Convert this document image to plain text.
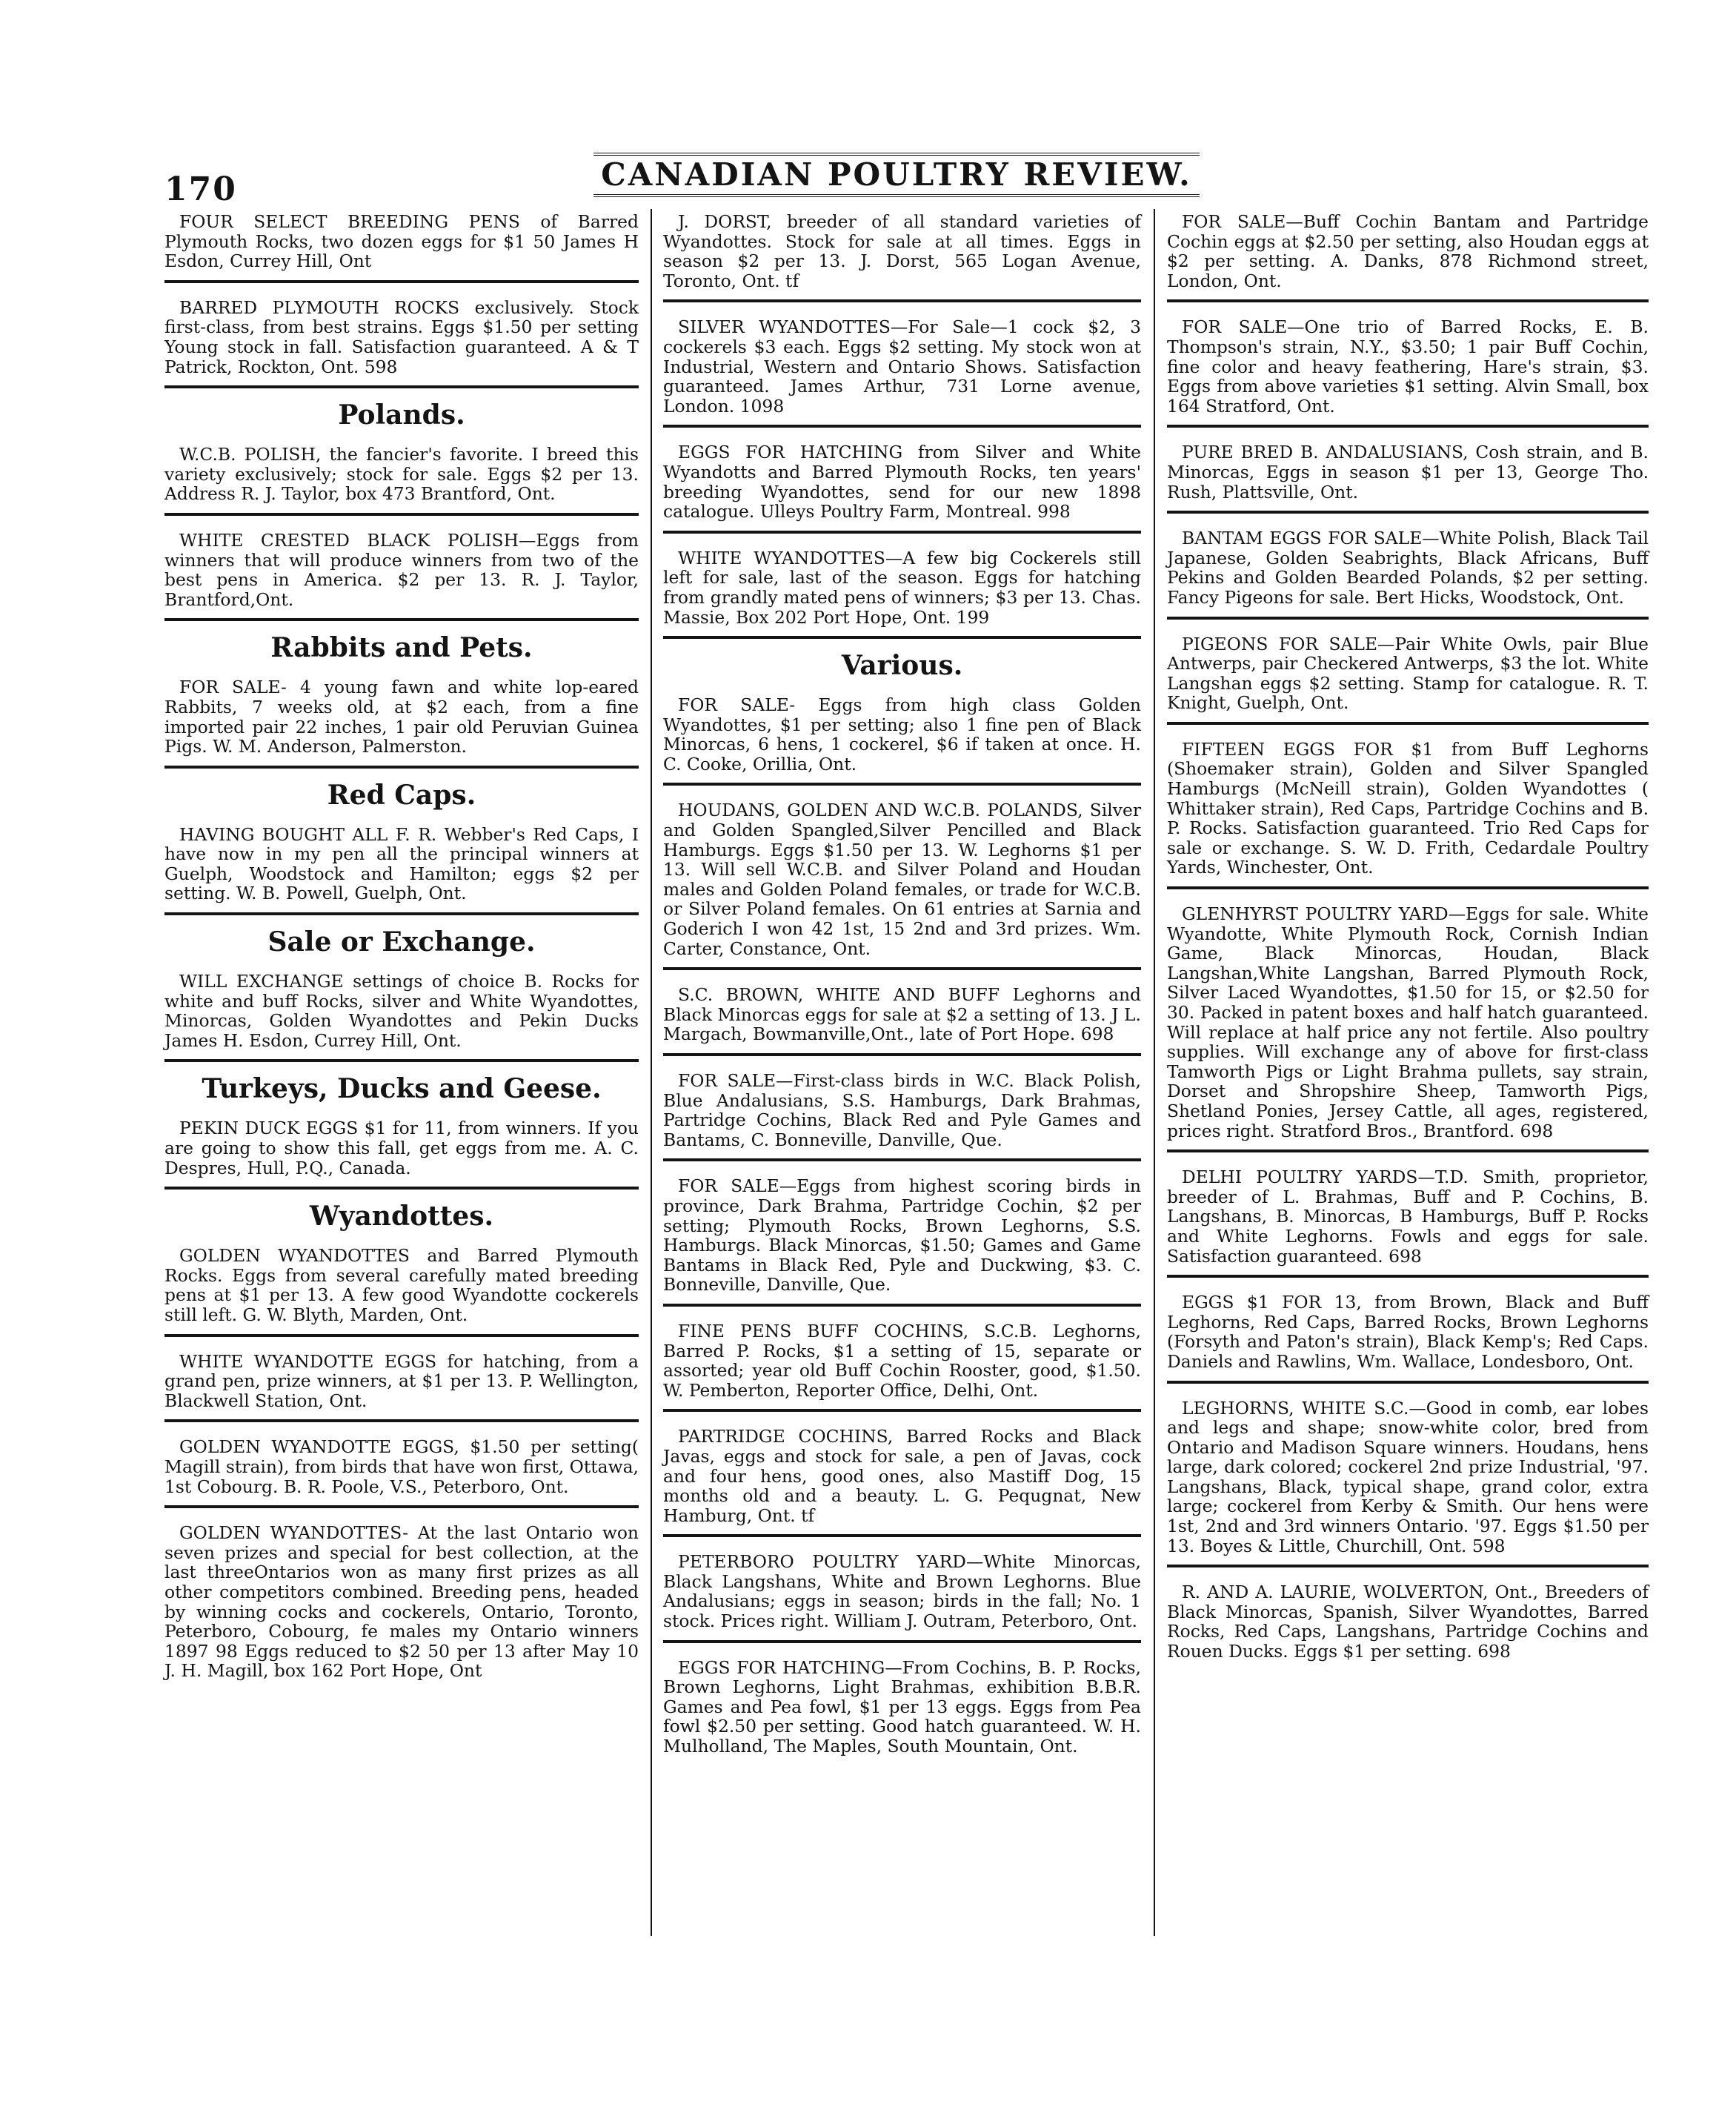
170	CANADIAN POULTRY REVIEW.
FOUR SELECT BREEDING PENS of Barred Plymouth Rocks, two dozen eggs for $1 50 James H Esdon, Currey Hill, Ont
BARRED PLYMOUTH ROCKS exclusively. Stock first-class, from best strains. Eggs $1.50 per setting Young stock in fall. Satisfaction guaranteed. A & T Patrick, Rockton, Ont. 598
Polands.
W.C.B. POLISH, the fancier's favorite. I breed this variety exclusively; stock for sale. Eggs $2 per 13. Address R. J. Taylor, box 473 Brantford, Ont.
WHITE CRESTED BLACK POLISH—Eggs from winners that will produce winners from two of the best pens in America. $2 per 13. R. J. Taylor, Brantford,Ont.
Rabbits and Pets.
FOR SALE- 4 young fawn and white lop-eared Rabbits, 7 weeks old, at $2 each, from a fine imported pair 22 inches, 1 pair old Peruvian Guinea Pigs. W. M. Anderson, Palmerston.
Red Caps.
HAVING BOUGHT ALL F. R. Webber's Red Caps, I have now in my pen all the principal winners at Guelph, Woodstock and Hamilton; eggs $2 per setting. W. B. Powell, Guelph, Ont.
Sale or Exchange.
WILL EXCHANGE settings of choice B. Rocks for white and buff Rocks, silver and White Wyandottes, Minorcas, Golden Wyandottes and Pekin Ducks James H. Esdon, Currey Hill, Ont.
Turkeys, Ducks and Geese.
PEKIN DUCK EGGS $1 for 11, from winners. If you are going to show this fall, get eggs from me. A. C. Despres, Hull, P.Q., Canada.
Wyandottes.
GOLDEN WYANDOTTES and Barred Plymouth Rocks. Eggs from several carefully mated breeding pens at $1 per 13. A few good Wyandotte cockerels still left. G. W. Blyth, Marden, Ont.
WHITE WYANDOTTE EGGS for hatching, from a grand pen, prize winners, at $1 per 13. P. Wellington, Blackwell Station, Ont.
GOLDEN WYANDOTTE EGGS, $1.50 per setting( Magill strain), from birds that have won first, Ottawa, 1st Cobourg. B. R. Poole, V.S., Peterboro, Ont.
GOLDEN WYANDOTTES- At the last Ontario won seven prizes and special for best collection, at the last threeOntarios won as many first prizes as all other competitors combined. Breeding pens, headed by winning cocks and cockerels, Ontario, Toronto, Peterboro, Cobourg, fe males my Ontario winners 1897 98 Eggs reduced to $2 50 per 13 after May 10 J. H. Magill, box 162 Port Hope, Ont
J. DORST, breeder of all standard varieties of Wyandottes. Stock for sale at all times. Eggs in season $2 per 13. J. Dorst, 565 Logan Avenue, Toronto, Ont. tf
SILVER WYANDOTTES—For Sale—1 cock $2, 3 cockerels $3 each. Eggs $2 setting. My stock won at Industrial, Western and Ontario Shows. Satisfaction guaranteed. James Arthur, 731 Lorne avenue, London. 1098
EGGS FOR HATCHING from Silver and White Wyandotts and Barred Plymouth Rocks, ten years' breeding Wyandottes, send for our new 1898 catalogue. Ulleys Poultry Farm, Montreal. 998
WHITE WYANDOTTES—A few big Cockerels still left for sale, last of the season. Eggs for hatching from grandly mated pens of winners; $3 per 13. Chas. Massie, Box 202 Port Hope, Ont. 199
Various.
FOR SALE- Eggs from high class Golden Wyandottes, $1 per setting; also 1 fine pen of Black Minorcas, 6 hens, 1 cockerel, $6 if taken at once. H. C. Cooke, Orillia, Ont.
HOUDANS, GOLDEN AND W.C.B. POLANDS, Silver and Golden Spangled,Silver Pencilled and Black Hamburgs. Eggs $1.50 per 13. W. Leghorns $1 per 13. Will sell W.C.B. and Silver Poland and Houdan males and Golden Poland females, or trade for W.C.B. or Silver Poland females. On 61 entries at Sarnia and Goderich I won 42 1st, 15 2nd and 3rd prizes. Wm. Carter, Constance, Ont.
S.C. BROWN, WHITE AND BUFF Leghorns and Black Minorcas eggs for sale at $2 a setting of 13. J L. Margach, Bowmanville,Ont., late of Port Hope. 698
FOR SALE—First-class birds in W.C. Black Polish, Blue Andalusians, S.S. Hamburgs, Dark Brahmas, Partridge Cochins, Black Red and Pyle Games and Bantams, C. Bonneville, Danville, Que.
FOR SALE—Eggs from highest scoring birds in province, Dark Brahma, Partridge Cochin, $2 per setting; Plymouth Rocks, Brown Leghorns, S.S. Hamburgs. Black Minorcas, $1.50; Games and Game Bantams in Black Red, Pyle and Duckwing, $3. C. Bonneville, Danville, Que.
FINE PENS BUFF COCHINS, S.C.B. Leghorns, Barred P. Rocks, $1 a setting of 15, separate or assorted; year old Buff Cochin Rooster, good, $1.50. W. Pemberton, Reporter Office, Delhi, Ont.
PARTRIDGE COCHINS, Barred Rocks and Black Javas, eggs and stock for sale, a pen of Javas, cock and four hens, good ones, also Mastiff Dog, 15 months old and a beauty. L. G. Pequgnat, New Hamburg, Ont. tf
PETERBORO POULTRY YARD—White Minorcas, Black Langshans, White and Brown Leghorns. Blue Andalusians; eggs in season; birds in the fall; No. 1 stock. Prices right. William J. Outram, Peterboro, Ont.
EGGS FOR HATCHING—From Cochins, B. P. Rocks, Brown Leghorns, Light Brahmas, exhibition B.B.R. Games and Pea fowl, $1 per 13 eggs. Eggs from Pea fowl $2.50 per setting. Good hatch guaranteed. W. H. Mulholland, The Maples, South Mountain, Ont.
FOR SALE—Buff Cochin Bantam and Partridge Cochin eggs at $2.50 per setting, also Houdan eggs at $2 per setting. A. Danks, 878 Richmond street, London, Ont.
FOR SALE—One trio of Barred Rocks, E. B. Thompson's strain, N.Y., $3.50; 1 pair Buff Cochin, fine color and heavy feathering, Hare's strain, $3. Eggs from above varieties $1 setting. Alvin Small, box 164 Stratford, Ont.
PURE BRED B. ANDALUSIANS, Cosh strain, and B. Minorcas, Eggs in season $1 per 13, George Tho. Rush, Plattsville, Ont.
BANTAM EGGS FOR SALE—White Polish, Black Tail Japanese, Golden Seabrights, Black Africans, Buff Pekins and Golden Bearded Polands, $2 per setting. Fancy Pigeons for sale. Bert Hicks, Woodstock, Ont.
PIGEONS FOR SALE—Pair White Owls, pair Blue Antwerps, pair Checkered Antwerps, $3 the lot. White Langshan eggs $2 setting. Stamp for catalogue. R. T. Knight, Guelph, Ont.
FIFTEEN EGGS FOR $1 from Buff Leghorns (Shoemaker strain), Golden and Silver Spangled Hamburgs (McNeill strain), Golden Wyandottes ( Whittaker strain), Red Caps, Partridge Cochins and B. P. Rocks. Satisfaction guaranteed. Trio Red Caps for sale or exchange. S. W. D. Frith, Cedardale Poultry Yards, Winchester, Ont.
GLENHYRST POULTRY YARD—Eggs for sale. White Wyandotte, White Plymouth Rock, Cornish Indian Game, Black Minorcas, Houdan, Black Langshan,White Langshan, Barred Plymouth Rock, Silver Laced Wyandottes, $1.50 for 15, or $2.50 for 30. Packed in patent boxes and half hatch guaranteed. Will replace at half price any not fertile. Also poultry supplies. Will exchange any of above for first-class Tamworth Pigs or Light Brahma pullets, say strain, Dorset and Shropshire Sheep, Tamworth Pigs, Shetland Ponies, Jersey Cattle, all ages, registered, prices right. Stratford Bros., Brantford. 698
DELHI POULTRY YARDS—T.D. Smith, proprietor, breeder of L. Brahmas, Buff and P. Cochins, B. Langshans, B. Minorcas, B Hamburgs, Buff P. Rocks and White Leghorns. Fowls and eggs for sale. Satisfaction guaranteed. 698
EGGS $1 FOR 13, from Brown, Black and Buff Leghorns, Red Caps, Barred Rocks, Brown Leghorns (Forsyth and Paton's strain), Black Kemp's; Red Caps. Daniels and Rawlins, Wm. Wallace, Londesboro, Ont.
LEGHORNS, WHITE S.C.—Good in comb, ear lobes and legs and shape; snow-white color, bred from Ontario and Madison Square winners. Houdans, hens large, dark colored; cockerel 2nd prize Industrial, '97. Langshans, Black, typical shape, grand color, extra large; cockerel from Kerby & Smith. Our hens were 1st, 2nd and 3rd winners Ontario. '97. Eggs $1.50 per 13. Boyes & Little, Churchill, Ont. 598
R. AND A. LAURIE, WOLVERTON, Ont., Breeders of Black Minorcas, Spanish, Silver Wyandottes, Barred Rocks, Red Caps, Langshans, Partridge Cochins and Rouen Ducks. Eggs $1 per setting. 698
